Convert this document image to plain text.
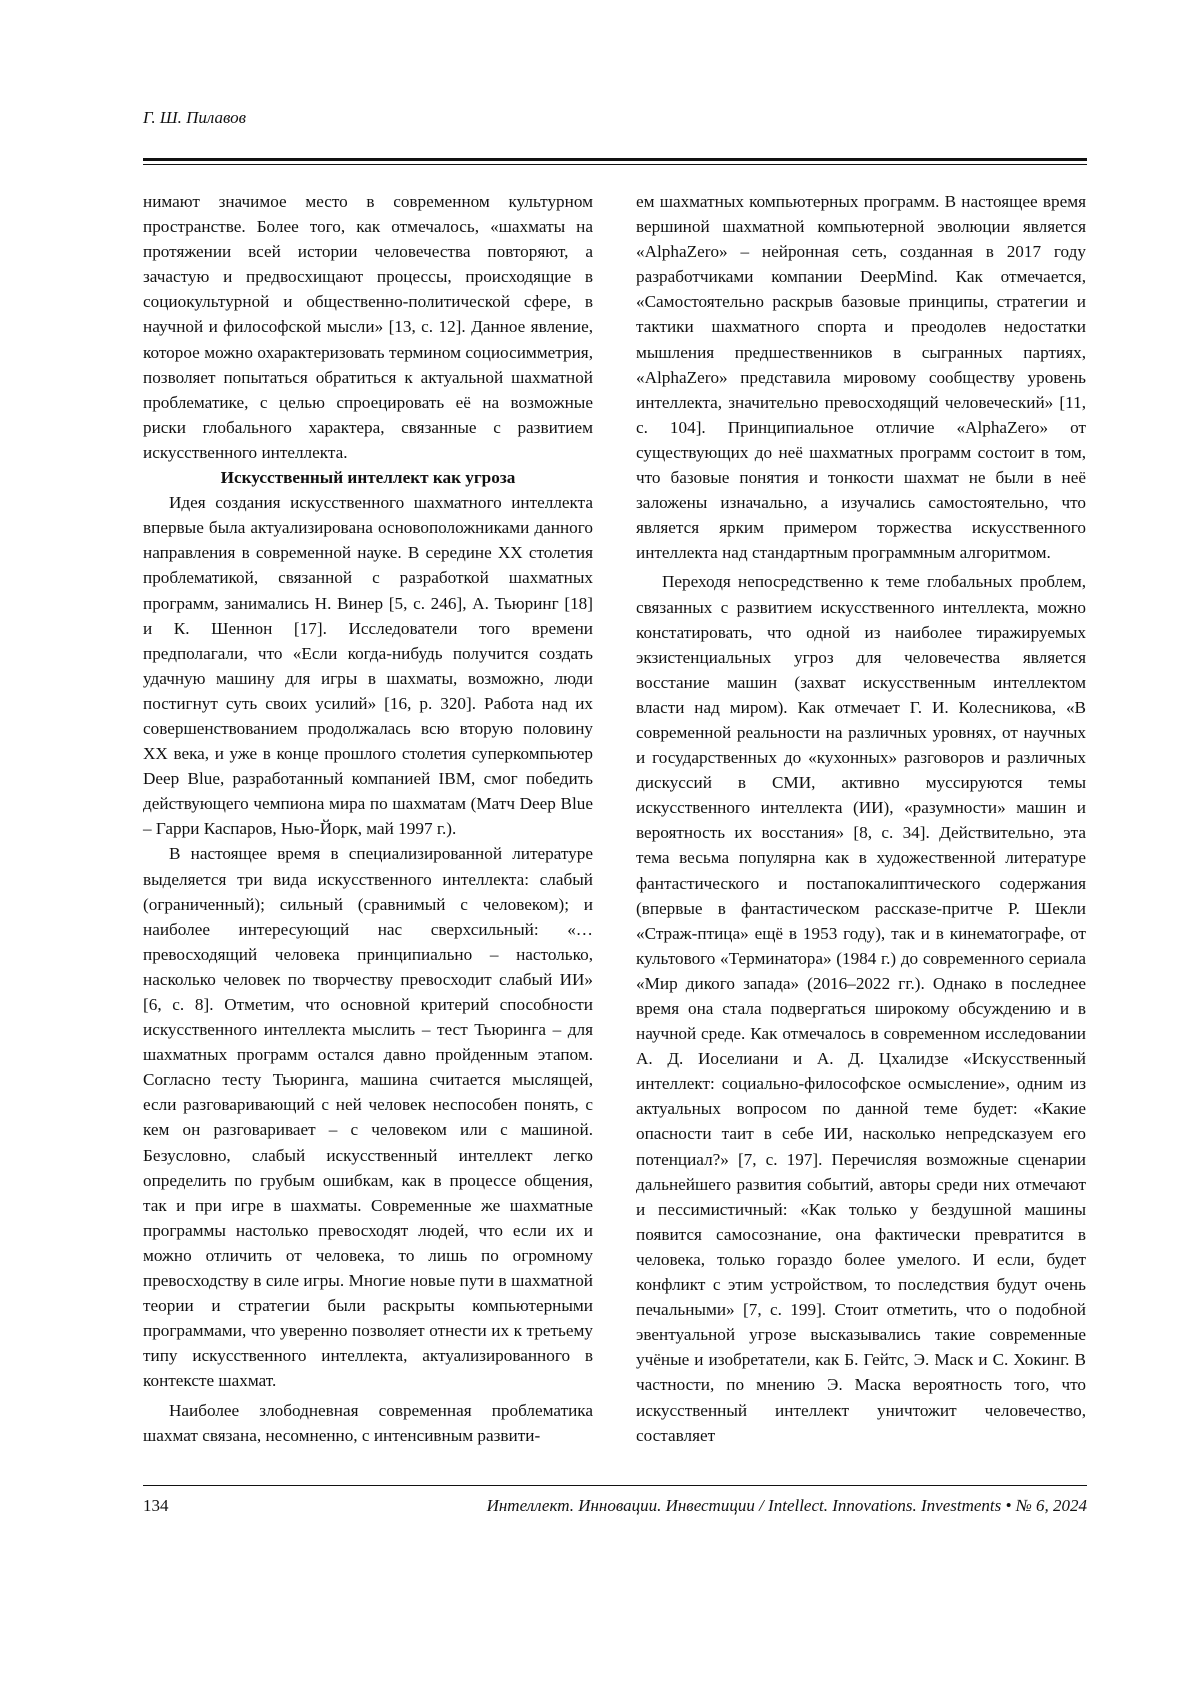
Г. Ш. Пилавов

нимают значимое место в современном культурном пространстве. Более того, как отмечалось, «шахматы на протяжении всей истории человечества повторяют, а зачастую и предвосхищают процессы, происходящие в социокультурной и общественно-политической сфере, в научной и философской мысли» [13, с. 12]. Данное явление, которое можно охарактеризовать термином социосимметрия, позволяет попытаться обратиться к актуальной шахматной проблематике, с целью спроецировать её на возможные риски глобального характера, связанные с развитием искусственного интеллекта.

Искусственный интеллект как угроза

Идея создания искусственного шахматного интеллекта впервые была актуализирована основоположниками данного направления в современной науке. В середине XX столетия проблематикой, связанной с разработкой шахматных программ, занимались Н. Винер [5, с. 246], А. Тьюринг [18] и К. Шеннон [17]. Исследователи того времени предполагали, что «Если когда-нибудь получится создать удачную машину для игры в шахматы, возможно, люди постигнут суть своих усилий» [16, p. 320]. Работа над их совершенствованием продолжалась всю вторую половину XX века, и уже в конце прошлого столетия суперкомпьютер Deep Blue, разработанный компанией IBM, смог победить действующего чемпиона мира по шахматам (Матч Deep Blue – Гарри Каспаров, Нью-Йорк, май 1997 г.).

В настоящее время в специализированной литературе выделяется три вида искусственного интеллекта: слабый (ограниченный); сильный (сравнимый с человеком); и наиболее интересующий нас сверхсильный: «… превосходящий человека принципиально – настолько, насколько человек по творчеству превосходит слабый ИИ» [6, с. 8]. Отметим, что основной критерий способности искусственного интеллекта мыслить – тест Тьюринга – для шахматных программ остался давно пройденным этапом. Согласно тесту Тьюринга, машина считается мыслящей, если разговаривающий с ней человек неспособен понять, с кем он разговаривает – с человеком или с машиной. Безусловно, слабый искусственный интеллект легко определить по грубым ошибкам, как в процессе общения, так и при игре в шахматы. Современные же шахматные программы настолько превосходят людей, что если их и можно отличить от человека, то лишь по огромному превосходству в силе игры. Многие новые пути в шахматной теории и стратегии были раскрыты компьютерными программами, что уверенно позволяет отнести их к третьему типу искусственного интеллекта, актуализированного в контексте шахмат.

Наиболее злободневная современная проблематика шахмат связана, несомненно, с интенсивным развити-

ем шахматных компьютерных программ. В настоящее время вершиной шахматной компьютерной эволюции является «AlphaZero» – нейронная сеть, созданная в 2017 году разработчиками компании DeepMind. Как отмечается, «Самостоятельно раскрыв базовые принципы, стратегии и тактики шахматного спорта и преодолев недостатки мышления предшественников в сыгранных партиях, «AlphaZero» представила мировому сообществу уровень интеллекта, значительно превосходящий человеческий» [11, с. 104]. Принципиальное отличие «AlphaZero» от существующих до неё шахматных программ состоит в том, что базовые понятия и тонкости шахмат не были в неё заложены изначально, а изучались самостоятельно, что является ярким примером торжества искусственного интеллекта над стандартным программным алгоритмом.

Переходя непосредственно к теме глобальных проблем, связанных с развитием искусственного интеллекта, можно констатировать, что одной из наиболее тиражируемых экзистенциальных угроз для человечества является восстание машин (захват искусственным интеллектом власти над миром). Как отмечает Г. И. Колесникова, «В современной реальности на различных уровнях, от научных и государственных до «кухонных» разговоров и различных дискуссий в СМИ, активно муссируются темы искусственного интеллекта (ИИ), «разумности» машин и вероятность их восстания» [8, с. 34]. Действительно, эта тема весьма популярна как в художественной литературе фантастического и постапокалиптического содержания (впервые в фантастическом рассказе-притче Р. Шекли «Страж-птица» ещё в 1953 году), так и в кинематографе, от культового «Терминатора» (1984 г.) до современного сериала «Мир дикого запада» (2016–2022 гг.). Однако в последнее время она стала подвергаться широкому обсуждению и в научной среде. Как отмечалось в современном исследовании А. Д. Иосeлиани и А. Д. Цхалидзе «Искусственный интеллект: социально-философское осмысление», одним из актуальных вопросом по данной теме будет: «Какие опасности таит в себе ИИ, насколько непредсказуем его потенциал?» [7, с. 197]. Перечисляя возможные сценарии дальнейшего развития событий, авторы среди них отмечают и пессимистичный: «Как только у бездушной машины появится самосознание, она фактически превратится в человека, только гораздо более умелого. И если, будет конфликт с этим устройством, то последствия будут очень печальными» [7, с. 199]. Стоит отметить, что о подобной эвентуальной угрозе высказывались такие современные учёные и изобретатели, как Б. Гейтс, Э. Маск и С. Хокинг. В частности, по мнению Э. Маска вероятность того, что искусственный интеллект уничтожит человечество, составляет

134	Интеллект. Инновации. Инвестиции / Intellect. Innovations. Investments • № 6, 2024
